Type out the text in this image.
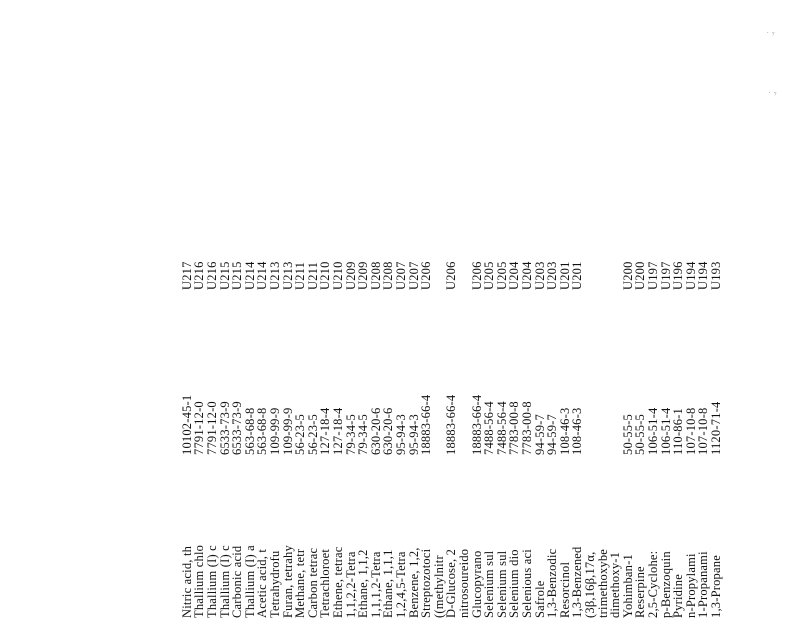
˙ ⁷
˙ ⁷
U193
1120-71-4
1,3-Propane
U194
107-10-8
1-Propanami
U194
107-10-8
n-Propylami
U196
110-86-1
Pyridine
U197
106-51-4
p-Benzoquin
U197
106-51-4
2,5-Cyclohe:
U200
50-55-5
Reserpine
U200
50-55-5
Yohimban-1
dimethoxy-1
trimethoxybe
(3β,16β,17α,
U201
108-46-3
1,3-Benzened
U201
108-46-3
Resorcinol
U203
94-59-7
1,3-Benzodic
U203
94-59-7
Safrole
U204
7783-00-8
Selenious aci
U204
7783-00-8
Selenium dio
U205
7488-56-4
Selenium sul
U205
7488-56-4
Selenium sul
U206
18883-66-4
Glucopyrano
nitrosoureido
U206
18883-66-4
D-Glucose, 2
((methylnitr
U206
18883-66-4
Streptozotoci
U207
95-94-3
Benzene, 1,2,
U207
95-94-3
1,2,4,5-Tetra
U208
630-20-6
Ethane, 1,1,1
U208
630-20-6
1,1,1,2-Tetra
U209
79-34-5
Ethane, 1,1,2
U209
79-34-5
1,1,2,2-Tetra
U210
127-18-4
Ethene, tetrac
U210
127-18-4
Tetrachloroet
U211
56-23-5
Carbon tetrac
U211
56-23-5
Methane, tetr
U213
109-99-9
Furan, tetrahy
U213
109-99-9
Tetrahydrofu
U214
563-68-8
Acetic acid, t
U214
563-68-8
Thallium (I) a
U215
6533-73-9
Carbonic acid
U215
6533-73-9
Thallium (I) c
U216
7791-12-0
Thallium (I) c
U216
7791-12-0
Thallium chlo
U217
10102-45-1
Nitric acid, th
